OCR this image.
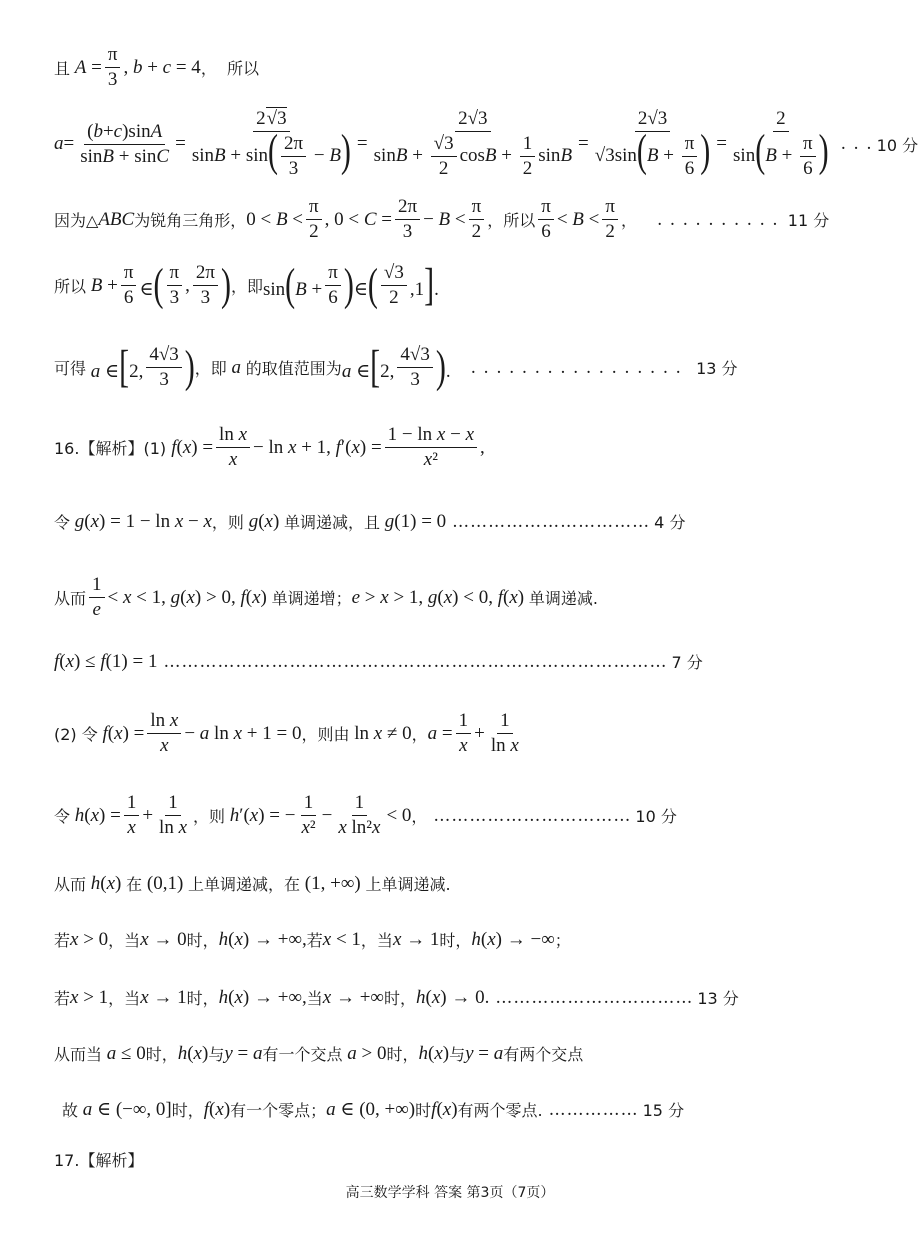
且 $A = \frac{\pi}{3}$ , b + c = 4 ，  所以
$a = \frac{(b+c)\sin A}{\sin B + \sin C} = \frac{2√3}{\sin B + \sin( \frac{2\pi}{3} - B)} = \frac{2√3}{\sin B + \frac{√3}{2} \cos B + \frac{1}{2} \sin B} = \frac{2√3}{√3\sin(B + \frac{\pi}{6} )} = \frac{2}{\sin(B + \frac{\pi}{6} )}$ . . . 10 分
因为△ ABC 为锐角三角形， 0 < B <
π
2
, $0 < C = \frac{2\pi}{3} - B$ <
π
2
，所以
π
6
< B <
π
2
， . . . . . . . . . . 11 分
所以 $B + \frac{\pi}{6}$ ∈( π
3
,
2π
3 ) ，即 $\sin(B + \frac{\pi}{6}$ )∈( √3
2 ,1].
可得 a ∈[2,
4√3
3 ) ，即 a 的取值范围为 a ∈[2,
4√3
3 ). . . . . . . . . . . . . . . . . . 13 分
16.【解析】(1) $f(x) = \frac{\text{ln x}}{x} - \ln x + 1$, $f'(x) = \frac{\text{1 − ln x − x}}{\text{x²}}$ ,
令 g(x) = 1 − ln x − x ，则 g(x) 单调递减，且 g(1) = 0 …………………………… 4 分
从而
1
e
< x < 1, g(x) > 0, f(x) 单调递增； e > x > 1, g(x) < 0, f(x) 单调递减.
f(x) ≤ f(1) = 1 ………………………………………………………………………… 7 分
(2) 令 $f(x) = \frac{\text{ln x}}{x} - a$ ln x + 1 = 0 ，则由 ln x ≠ 0 ， $a = \frac{1}{x} + \frac{1}{\text{ln x}}$
令 $h(x) = \frac{1}{x} + \frac{1}{\text{ln x}}$ ，则 h′(x) = − $\frac{1}{\text{x²}} - \frac{1}{\text{x ln²x}} < 0$ ， …………………………… 10 分
从而 h(x) 在 (0,1) 上单调递减，在 (1, +∞) 上单调递减.
若 x > 0 ，当 x → 0 时， h(x) → +∞, 若 x < 1 ，当 x → 1 时， h(x) → −∞ ；
若 x > 1 ，当 x → 1 时， h(x) → +∞, 当 x → +∞ 时， h(x) → 0. …………………………… 13 分
从而当 a ≤ 0 时， h(x) 与 y = a 有一个交点 a > 0 时， h(x) 与 y = a 有两个交点
故 a ∈ (−∞, 0] 时， f(x) 有一个零点； a ∈ (0, +∞) 时 f(x) 有两个零点. …………… 15 分
17.【解析】
高三数学学科 答案 第3页（7页）
